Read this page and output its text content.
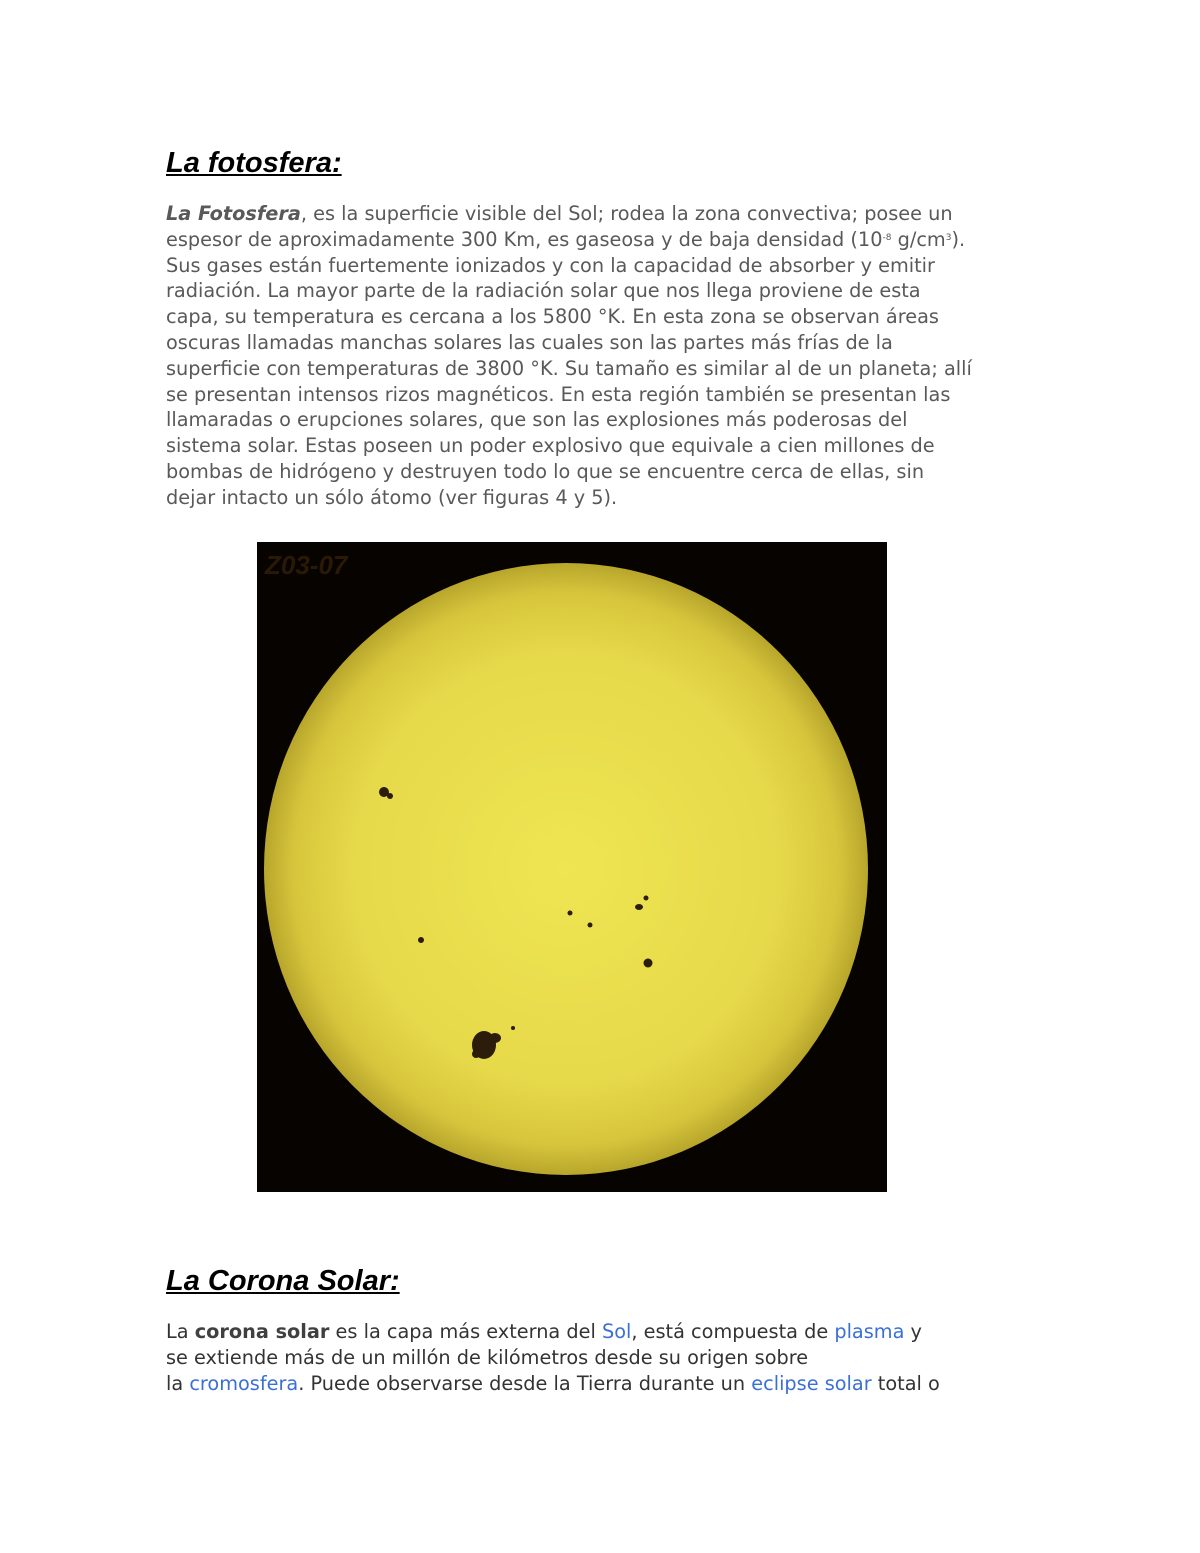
La fotosfera:

La Fotosfera, es la superficie visible del Sol; rodea la zona convectiva; posee un
espesor de aproximadamente 300 Km, es gaseosa y de baja densidad ($10^{-8}$ $g/cm^3$).
Sus gases están fuertemente ionizados y con la capacidad de absorber y emitir
radiación. La mayor parte de la radiación solar que nos llega proviene de esta
capa, su temperatura es cercana a los 5800 °K. En esta zona se observan áreas
oscuras llamadas manchas solares las cuales son las partes más frías de la
superficie con temperaturas de 3800 °K. Su tamaño es similar al de un planeta; allí
se presentan intensos rizos magnéticos. En esta región también se presentan las
llamaradas o erupciones solares, que son las explosiones más poderosas del
sistema solar. Estas poseen un poder explosivo que equivale a cien millones de
bombas de hidrógeno y destruyen todo lo que se encuentre cerca de ellas, sin
dejar intacto un sólo átomo (ver figuras 4 y 5).

La Corona Solar:

La corona solar es la capa más externa del Sol, está compuesta de plasma y
se extiende más de un millón de kilómetros desde su origen sobre
la cromosfera. Puede observarse desde la Tierra durante un eclipse solar total o

Z03-07
